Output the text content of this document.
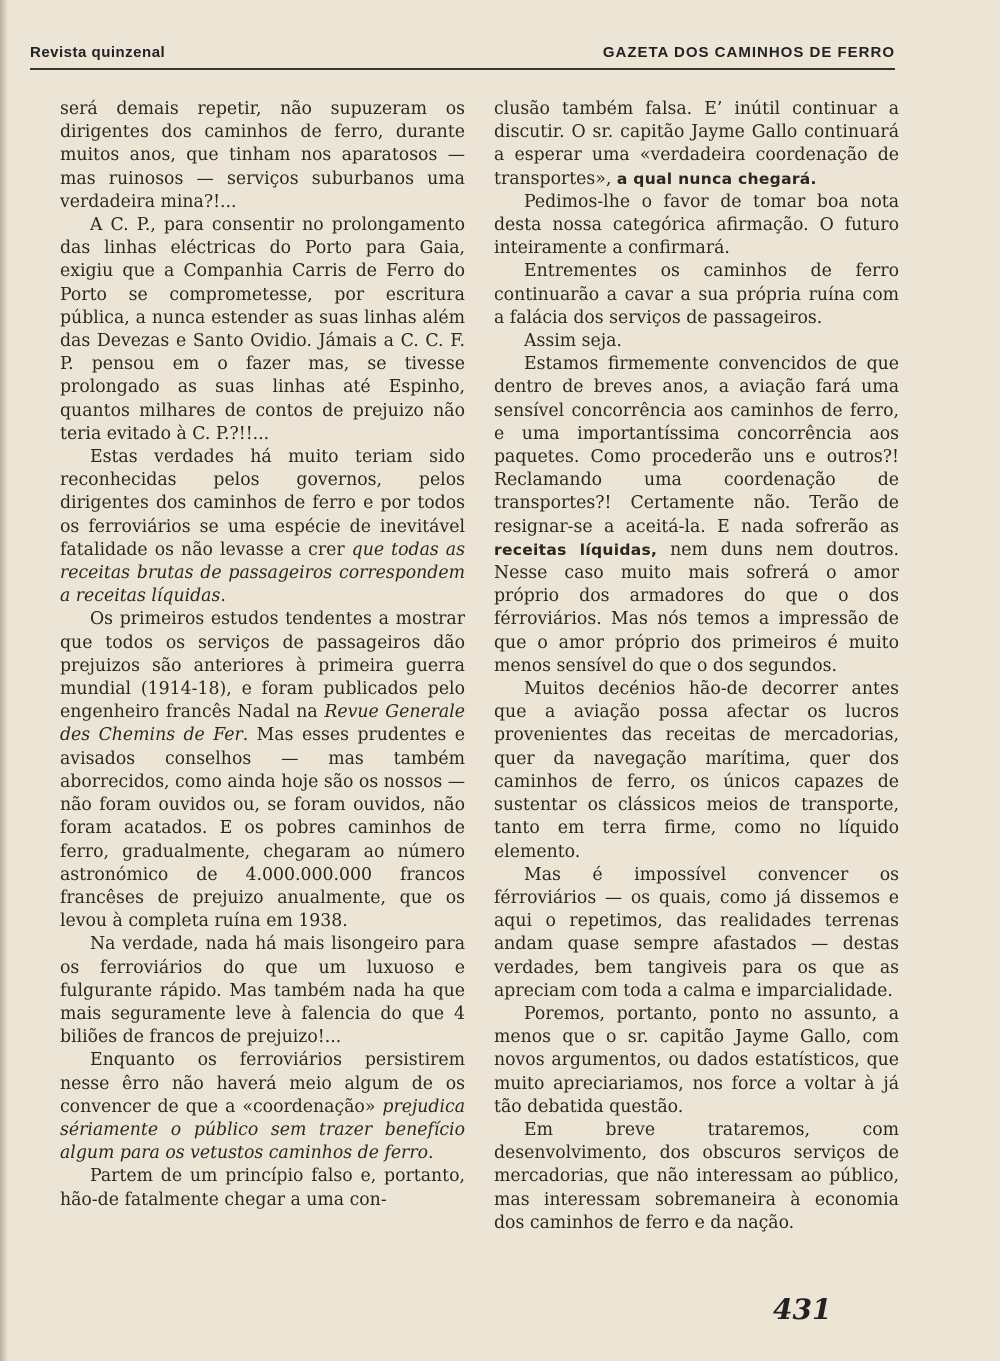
Revista quinzenal	GAZETA DOS CAMINHOS DE FERRO

será demais repetir, não supuzeram os dirigentes dos caminhos de ferro, durante muitos anos, que tinham nos aparatosos — mas ruinosos — serviços suburbanos uma verdadeira mina?!...

A C. P., para consentir no prolongamento das linhas eléctricas do Porto para Gaia, exigiu que a Companhia Carris de Ferro do Porto se comprometesse, por escritura pública, a nunca estender as suas linhas além das Devezas e Santo Ovidio. Jámais a C. C. F. P. pensou em o fazer mas, se tivesse prolongado as suas linhas até Espinho, quantos milhares de contos de prejuizo não teria evitado à C. P.?!!...

Estas verdades há muito teriam sido reconhecidas pelos governos, pelos dirigentes dos caminhos de ferro e por todos os ferroviários se uma espécie de inevitável fatalidade os não levasse a crer que todas as receitas brutas de passageiros correspondem a receitas líquidas.

Os primeiros estudos tendentes a mostrar que todos os serviços de passageiros dão prejuizos são anteriores à primeira guerra mundial (1914-18), e foram publicados pelo engenheiro francês Nadal na Revue Generale des Chemins de Fer. Mas esses prudentes e avisados conselhos — mas também aborrecidos, como ainda hoje são os nossos — não foram ouvidos ou, se foram ouvidos, não foram acatados. E os pobres caminhos de ferro, gradualmente, chegaram ao número astronómico de 4.000.000.000 francos francêses de prejuizo anualmente, que os levou à completa ruína em 1938.

Na verdade, nada há mais lisongeiro para os ferroviários do que um luxuoso e fulgurante rápido. Mas também nada ha que mais seguramente leve à falencia do que 4 biliões de francos de prejuizo!...

Enquanto os ferroviários persistirem nesse êrro não haverá meio algum de os convencer de que a «coordenação» prejudica sériamente o público sem trazer benefício algum para os vetustos caminhos de ferro.

Partem de um princípio falso e, portanto, hão-de fatalmente chegar a uma con-

clusão também falsa. E’ inútil continuar a discutir. O sr. capitão Jayme Gallo continuará a esperar uma «verdadeira coordenação de transportes», a qual nunca chegará.

Pedimos-lhe o favor de tomar boa nota desta nossa categórica afirmação. O futuro inteiramente a confirmará.

Entrementes os caminhos de ferro continuarão a cavar a sua própria ruína com a falácia dos serviços de passageiros.

Assim seja.

Estamos firmemente convencidos de que dentro de breves anos, a aviação fará uma sensível concorrência aos caminhos de ferro, e uma importantíssima concorrência aos paquetes. Como procederão uns e outros?! Reclamando uma coordenação de transportes?! Certamente não. Terão de resignar-se a aceitá-la. E nada sofrerão as receitas líquidas, nem duns nem doutros. Nesse caso muito mais sofrerá o amor próprio dos armadores do que o dos férroviários. Mas nós temos a impressão de que o amor próprio dos primeiros é muito menos sensível do que o dos segundos.

Muitos decénios hão-de decorrer antes que a aviação possa afectar os lucros provenientes das receitas de mercadorias, quer da navegação marítima, quer dos caminhos de ferro, os únicos capazes de sustentar os clássicos meios de transporte, tanto em terra firme, como no líquido elemento.

Mas é impossível convencer os férroviários — os quais, como já dissemos e aqui o repetimos, das realidades terrenas andam quase sempre afastados — destas verdades, bem tangiveis para os que as apreciam com toda a calma e imparcialidade.

Poremos, portanto, ponto no assunto, a menos que o sr. capitão Jayme Gallo, com novos argumentos, ou dados estatísticos, que muito apreciariamos, nos force a voltar à já tão debatida questão.

Em breve trataremos, com desenvolvimento, dos obscuros serviços de mercadorias, que não interessam ao público, mas interessam sobremaneira à economia dos caminhos de ferro e da nação.

431
